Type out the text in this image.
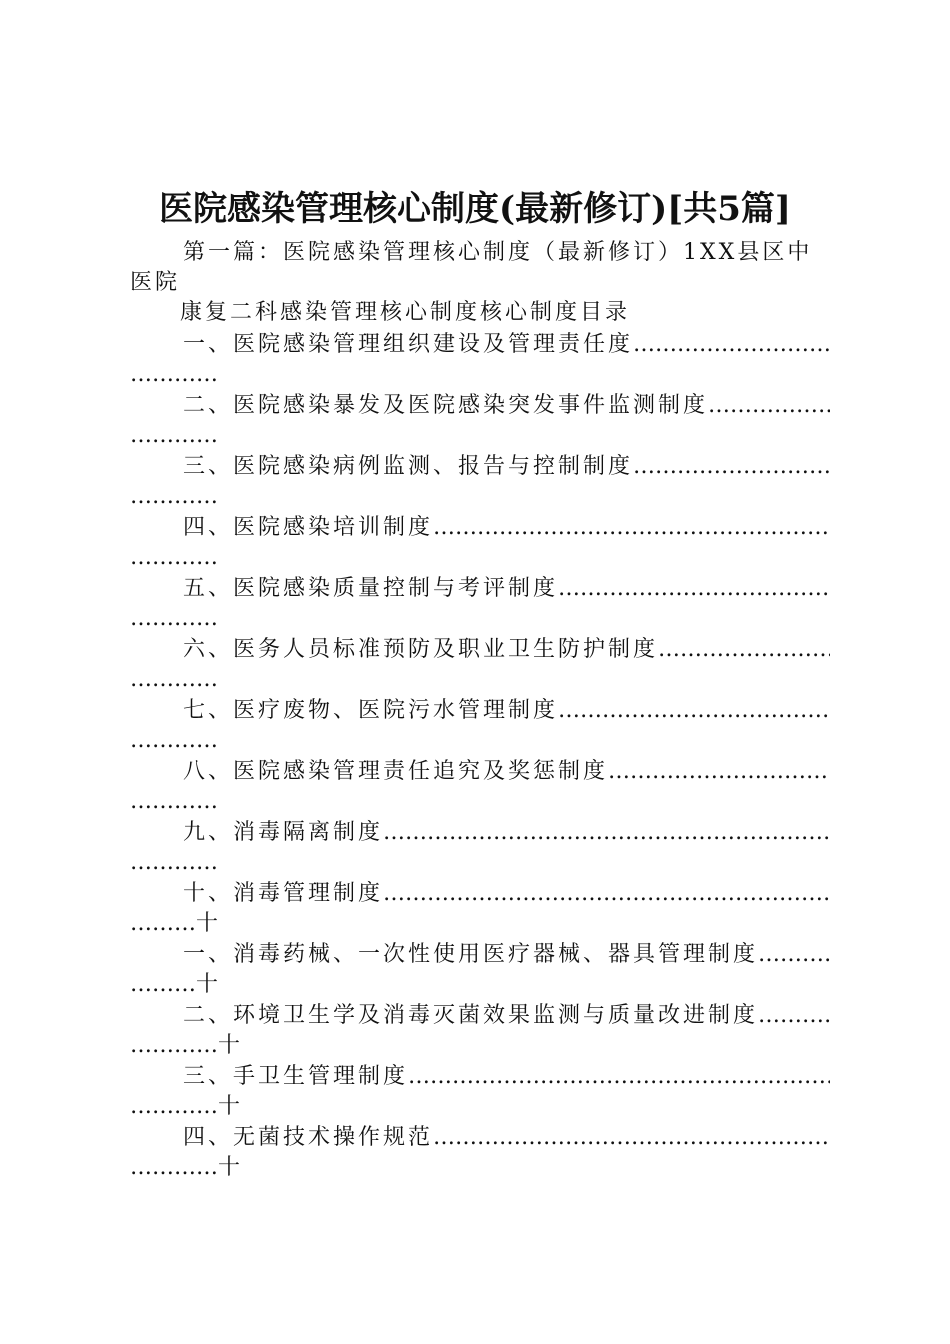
医院感染管理核心制度(最新修订)[共5篇]
第一篇：医院感染管理核心制度（最新修订）1XX县区中
医院
康复二科感染管理核心制度核心制度目录
一、医院感染管理组织建设及管理责任度
…………………………………………………………………………………………………………………………
…………
二、医院感染暴发及医院感染突发事件监测制度
…………………………………………………………………………………………………………………………
…………
三、医院感染病例监测、报告与控制制度
…………………………………………………………………………………………………………………………
…………
四、医院感染培训制度
…………………………………………………………………………………………………………………………
…………
五、医院感染质量控制与考评制度
…………………………………………………………………………………………………………………………
…………
六、医务人员标准预防及职业卫生防护制度
…………………………………………………………………………………………………………………………
…………
七、医疗废物、医院污水管理制度
…………………………………………………………………………………………………………………………
…………
八、医院感染管理责任追究及奖惩制度
…………………………………………………………………………………………………………………………
…………
九、消毒隔离制度
…………………………………………………………………………………………………………………………
…………
十、消毒管理制度
…………………………………………………………………………………………………………………………
………十
一、消毒药械、一次性使用医疗器械、器具管理制度
…………………………………………………………………………………………………………………………
………十
二、环境卫生学及消毒灭菌效果监测与质量改进制度
…………………………………………………………………………………………………………………………
…………十
三、手卫生管理制度
…………………………………………………………………………………………………………………………
…………十
四、无菌技术操作规范
…………………………………………………………………………………………………………………………
…………十
